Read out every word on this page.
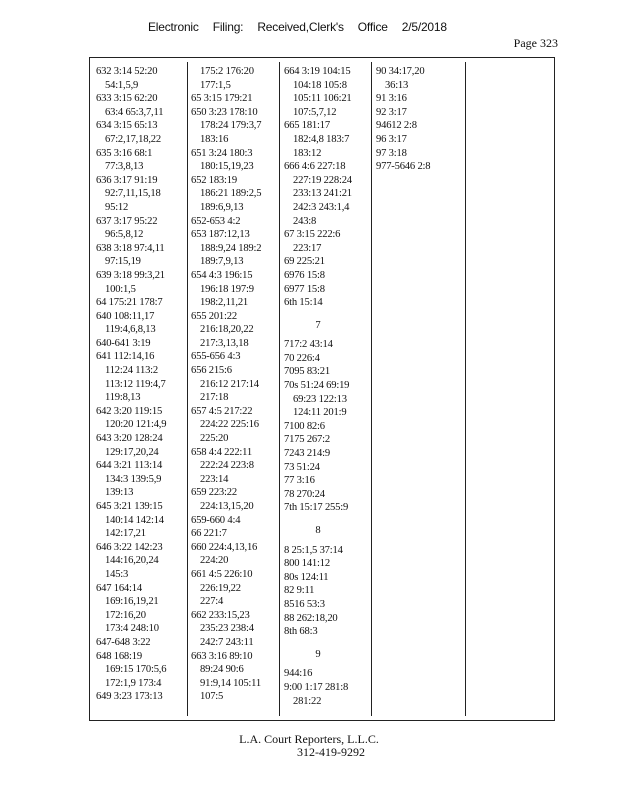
Electronic Filing: Received,Clerk's Office 2/5/2018
Page 323
632 3:14 52:20
54:1,5,9
633 3:15 62:20
63:4 65:3,7,11
634 3:15 65:13
67:2,17,18,22
635 3:16 68:1
77:3,8,13
636 3:17 91:19
92:7,11,15,18
95:12
637 3:17 95:22
96:5,8,12
638 3:18 97:4,11
97:15,19
639 3:18 99:3,21
100:1,5
64 175:21 178:7
640 108:11,17
119:4,6,8,13
640-641 3:19
641 112:14,16
112:24 113:2
113:12 119:4,7
119:8,13
642 3:20 119:15
120:20 121:4,9
643 3:20 128:24
129:17,20,24
644 3:21 113:14
134:3 139:5,9
139:13
645 3:21 139:15
140:14 142:14
142:17,21
646 3:22 142:23
144:16,20,24
145:3
647 164:14
169:16,19,21
172:16,20
173:4 248:10
647-648 3:22
648 168:19
169:15 170:5,6
172:1,9 173:4
649 3:23 173:13
175:2 176:20
177:1,5
65 3:15 179:21
650 3:23 178:10
178:24 179:3,7
183:16
651 3:24 180:3
180:15,19,23
652 183:19
186:21 189:2,5
189:6,9,13
652-653 4:2
653 187:12,13
188:9,24 189:2
189:7,9,13
654 4:3 196:15
196:18 197:9
198:2,11,21
655 201:22
216:18,20,22
217:3,13,18
655-656 4:3
656 215:6
216:12 217:14
217:18
657 4:5 217:22
224:22 225:16
225:20
658 4:4 222:11
222:24 223:8
223:14
659 223:22
224:13,15,20
659-660 4:4
66 221:7
660 224:4,13,16
224:20
661 4:5 226:10
226:19,22
227:4
662 233:15,23
235:23 238:4
242:7 243:11
663 3:16 89:10
89:24 90:6
91:9,14 105:11
107:5
664 3:19 104:15
104:18 105:8
105:11 106:21
107:5,7,12
665 181:17
182:4,8 183:7
183:12
666 4:6 227:18
227:19 228:24
233:13 241:21
242:3 243:1,4
243:8
67 3:15 222:6
223:17
69 225:21
6976 15:8
6977 15:8
6th 15:14
7
717:2 43:14
70 226:4
7095 83:21
70s 51:24 69:19
69:23 122:13
124:11 201:9
7100 82:6
7175 267:2
7243 214:9
73 51:24
77 3:16
78 270:24
7th 15:17 255:9
8
8 25:1,5 37:14
800 141:12
80s 124:11
82 9:11
8516 53:3
88 262:18,20
8th 68:3
9
944:16
9:00 1:17 281:8
281:22
90 34:17,20
36:13
91 3:16
92 3:17
94612 2:8
96 3:17
97 3:18
977-5646 2:8
L.A. Court Reporters, L.L.C.
312-419-9292
